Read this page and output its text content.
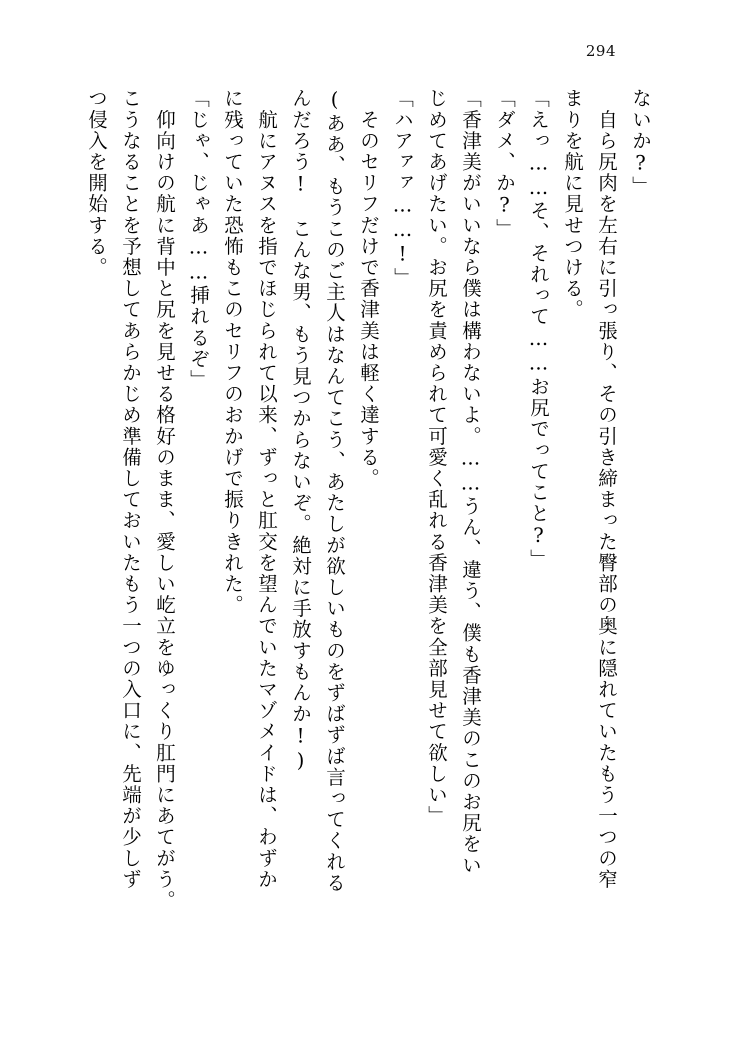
294
ないか?」
　自ら尻肉を左右に引っ張り、その引き締まった臀部の奥に隠れていたもう一つの窄
まりを航に見せつける。
「えっ……そ、それって……お尻でってこと?」
「ダメ、か?」
「香津美がいいなら僕は構わないよ。……うん、違う、僕も香津美のこのお尻をい
じめてあげたい。お尻を責められて可愛く乱れる香津美を全部見せて欲しい」
「ハアァァ……!」
　そのセリフだけで香津美は軽く達する。
(ああ、もうこのご主人はなんてこう、あたしが欲しいものをずばずば言ってくれる
んだろう!　こんな男、もう見つからないぞ。絶対に手放すもんか!)
　航にアヌスを指でほじられて以来、ずっと肛交を望んでいたマゾメイドは、わずか
に残っていた恐怖もこのセリフのおかげで振りきれた。
「じゃ、じゃあ……挿れるぞ」
　仰向けの航に背中と尻を見せる格好のまま、愛しい屹立をゆっくり肛門にあてがう。
こうなることを予想してあらかじめ準備しておいたもう一つの入口に、先端が少しず
つ侵入を開始する。
